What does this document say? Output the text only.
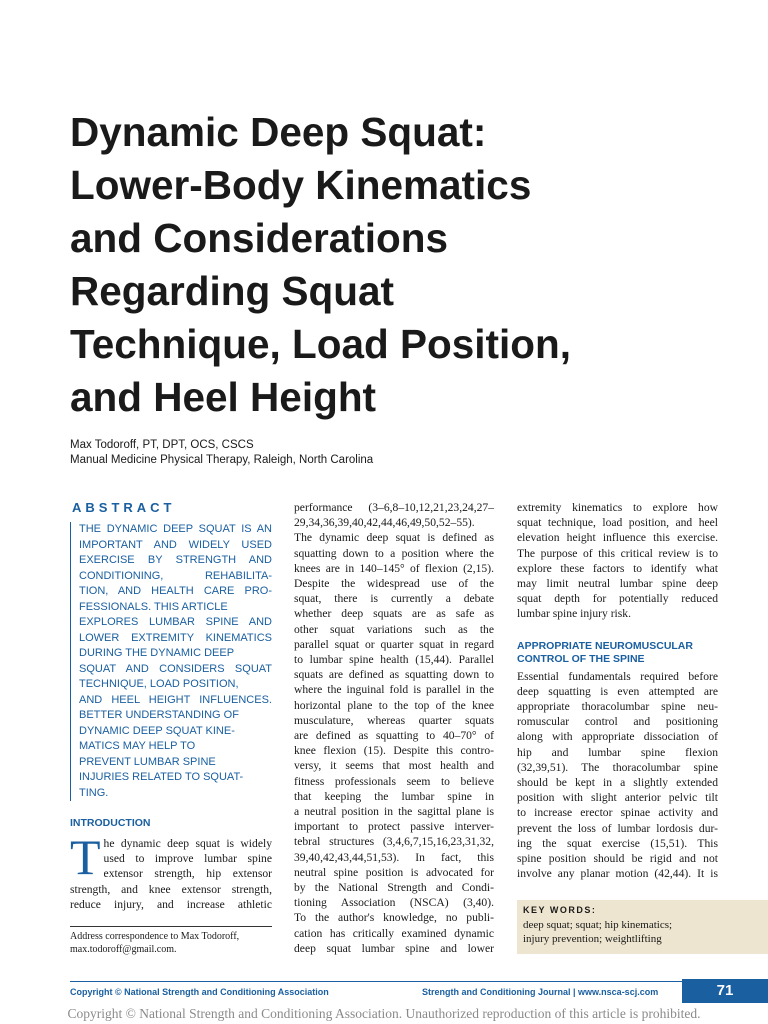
Dynamic Deep Squat:
Lower-Body Kinematics
and Considerations
Regarding Squat
Technique, Load Position,
and Heel Height
Max Todoroff, PT, DPT, OCS, CSCS
Manual Medicine Physical Therapy, Raleigh, North Carolina
ABSTRACT
THE DYNAMIC DEEP SQUAT IS AN
IMPORTANT AND WIDELY USED
EXERCISE BY STRENGTH AND
CONDITIONING, REHABILITA-
TION, AND HEALTH CARE PRO-
FESSIONALS. THIS ARTICLE
EXPLORES LUMBAR SPINE AND
LOWER EXTREMITY KINEMATICS
DURING THE DYNAMIC DEEP
SQUAT AND CONSIDERS SQUAT
TECHNIQUE, LOAD POSITION,
AND HEEL HEIGHT INFLUENCES.
BETTER UNDERSTANDING OF
DYNAMIC DEEP SQUAT KINE-
MATICS MAY HELP TO
PREVENT LUMBAR SPINE
INJURIES RELATED TO SQUAT-
TING.
INTRODUCTION
T he dynamic deep squat is widely
used to improve lumbar spine
extensor strength, hip extensor
strength, and knee extensor strength,
reduce injury, and increase athletic
Address correspondence to Max Todoroff,
max.todoroff@gmail.com.
performance (3–6,8–10,12,21,23,24,27–
29,34,36,39,40,42,44,46,49,50,52–55).
The dynamic deep squat is defined as
squatting down to a position where the
knees are in 140–145° of flexion (2,15).
Despite the widespread use of the
squat, there is currently a debate
whether deep squats are as safe as
other squat variations such as the
parallel squat or quarter squat in regard
to lumbar spine health (15,44). Parallel
squats are defined as squatting down to
where the inguinal fold is parallel in the
horizontal plane to the top of the knee
musculature, whereas quarter squats
are defined as squatting to 40–70° of
knee flexion (15). Despite this contro-
versy, it seems that most health and
fitness professionals seem to believe
that keeping the lumbar spine in
a neutral position in the sagittal plane is
important to protect passive interver-
tebral structures (3,4,6,7,15,16,23,31,32,
39,40,42,43,44,51,53). In fact, this
neutral spine position is advocated for
by the National Strength and Condi-
tioning Association (NSCA) (3,40).
To the author's knowledge, no publi-
cation has critically examined dynamic
deep squat lumbar spine and lower
extremity kinematics to explore how
squat technique, load position, and heel
elevation height influence this exercise.
The purpose of this critical review is to
explore these factors to identify what
may limit neutral lumbar spine deep
squat depth for potentially reduced
lumbar spine injury risk.
APPROPRIATE NEUROMUSCULAR
CONTROL OF THE SPINE
Essential fundamentals required before
deep squatting is even attempted are
appropriate thoracolumbar spine neu-
romuscular control and positioning
along with appropriate dissociation of
hip and lumbar spine flexion
(32,39,51). The thoracolumbar spine
should be kept in a slightly extended
position with slight anterior pelvic tilt
to increase erector spinae activity and
prevent the loss of lumbar lordosis dur-
ing the squat exercise (15,51). This
spine position should be rigid and not
involve any planar motion (42,44). It is
KEY WORDS:
deep squat; squat; hip kinematics;
injury prevention; weightlifting
Copyright © National Strength and Conditioning Association	Strength and Conditioning Journal | www.nsca-scj.com	71
Copyright © National Strength and Conditioning Association. Unauthorized reproduction of this article is prohibited.
